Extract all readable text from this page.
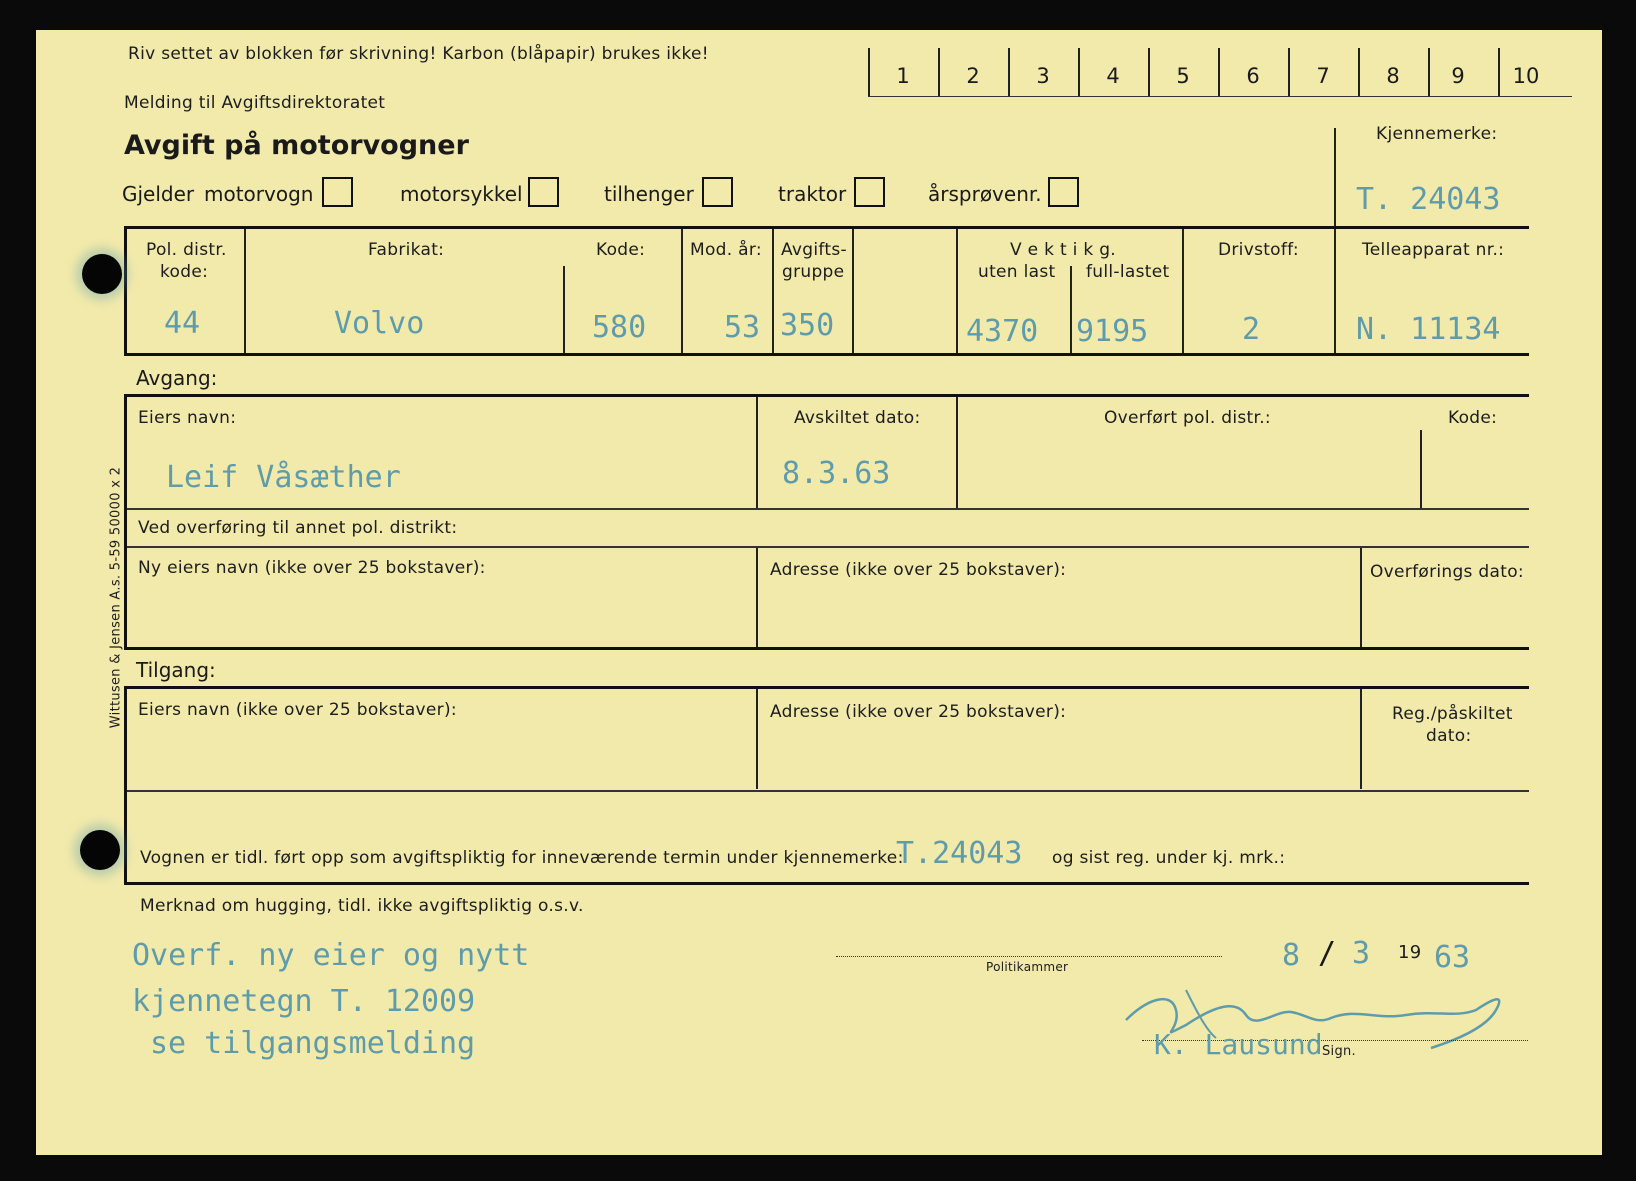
Riv settet av blokken før skrivning! Karbon (blåpapir) brukes ikke!
Melding til Avgiftsdirektoratet
Avgift på motorvogner
Wittusen & Jensen A.s. 5-59 50000 x 2
1	2	3	4	5	6	7	8	9	10
Kjennemerke:
T. 24043
Gjelder motorvogn	motorsykkel	tilhenger	traktor	årsprøvenr.
Pol. distr.
kode:
44
Fabrikat:
Volvo
Kode:
580
Mod. år:
53
Avgifts-
gruppe
350
V e k t i k g.
uten last full-lastet
4370 9195
Drivstoff:
2
Telleapparat nr.:
N. 11134
Avgang:
Eiers navn:
Leif Våsæther
Avskiltet dato:
8.3.63
Overført pol. distr.:	Kode:
Ved overføring til annet pol. distrikt:
Ny eiers navn (ikke over 25 bokstaver):	Adresse (ikke over 25 bokstaver):	Overførings dato:
Tilgang:
Eiers navn (ikke over 25 bokstaver):	Adresse (ikke over 25 bokstaver):	Reg./påskiltet
dato:
Vognen er tidl. ført opp som avgiftspliktig for inneværende termin under kjennemerke:
T.24043 og sist reg. under kj. mrk.:
Merknad om hugging, tidl. ikke avgiftspliktig o.s.v.
Overf. ny eier og nytt
kjennetegn T. 12009
se tilgangsmelding
Politikammer	8 / 3 19 63
K. Lausund Sign.
